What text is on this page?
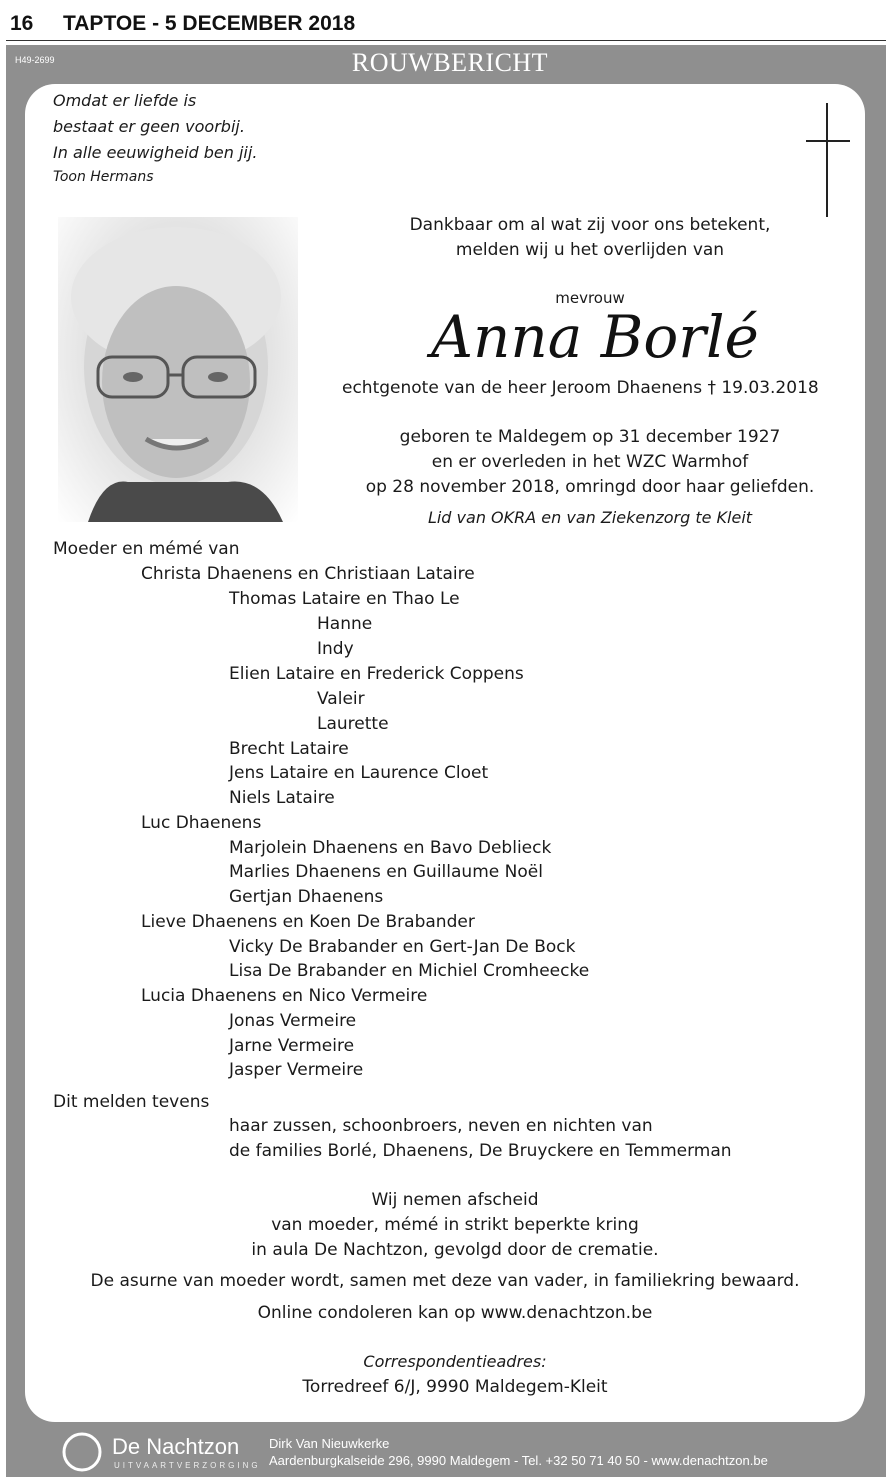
16 TAPTOE - 5 DECEMBER 2018
H49-2699	ROUWBERICHT
Omdat er liefde is
bestaat er geen voorbij.
In alle eeuwigheid ben jij.
Toon Hermans
Dankbaar om al wat zij voor ons betekent,
melden wij u het overlijden van
mevrouw
Anna Borlé
echtgenote van de heer Jeroom Dhaenens † 19.03.2018
geboren te Maldegem op 31 december 1927
en er overleden in het WZC Warmhof
op 28 november 2018, omringd door haar geliefden.
Lid van OKRA en van Ziekenzorg te Kleit
Moeder en mémé van
Christa Dhaenens en Christiaan Lataire
Thomas Lataire en Thao Le
Hanne
Indy
Elien Lataire en Frederick Coppens
Valeir
Laurette
Brecht Lataire
Jens Lataire en Laurence Cloet
Niels Lataire
Luc Dhaenens
Marjolein Dhaenens en Bavo Deblieck
Marlies Dhaenens en Guillaume Noël
Gertjan Dhaenens
Lieve Dhaenens en Koen De Brabander
Vicky De Brabander en Gert-Jan De Bock
Lisa De Brabander en Michiel Cromheecke
Lucia Dhaenens en Nico Vermeire
Jonas Vermeire
Jarne Vermeire
Jasper Vermeire
Dit melden tevens
haar zussen, schoonbroers, neven en nichten van
de families Borlé, Dhaenens, De Bruyckere en Temmerman
Wij nemen afscheid
van moeder, mémé in strikt beperkte kring
in aula De Nachtzon, gevolgd door de crematie.
De asurne van moeder wordt, samen met deze van vader, in familiekring bewaard.
Online condoleren kan op www.denachtzon.be
Correspondentieadres:
Torredreef 6/J, 9990 Maldegem-Kleit
De Nachtzon
UITVAARTVERZORGING
Dirk Van Nieuwkerke
Aardenburgkalseide 296, 9990 Maldegem - Tel. +32 50 71 40 50 - www.denachtzon.be
